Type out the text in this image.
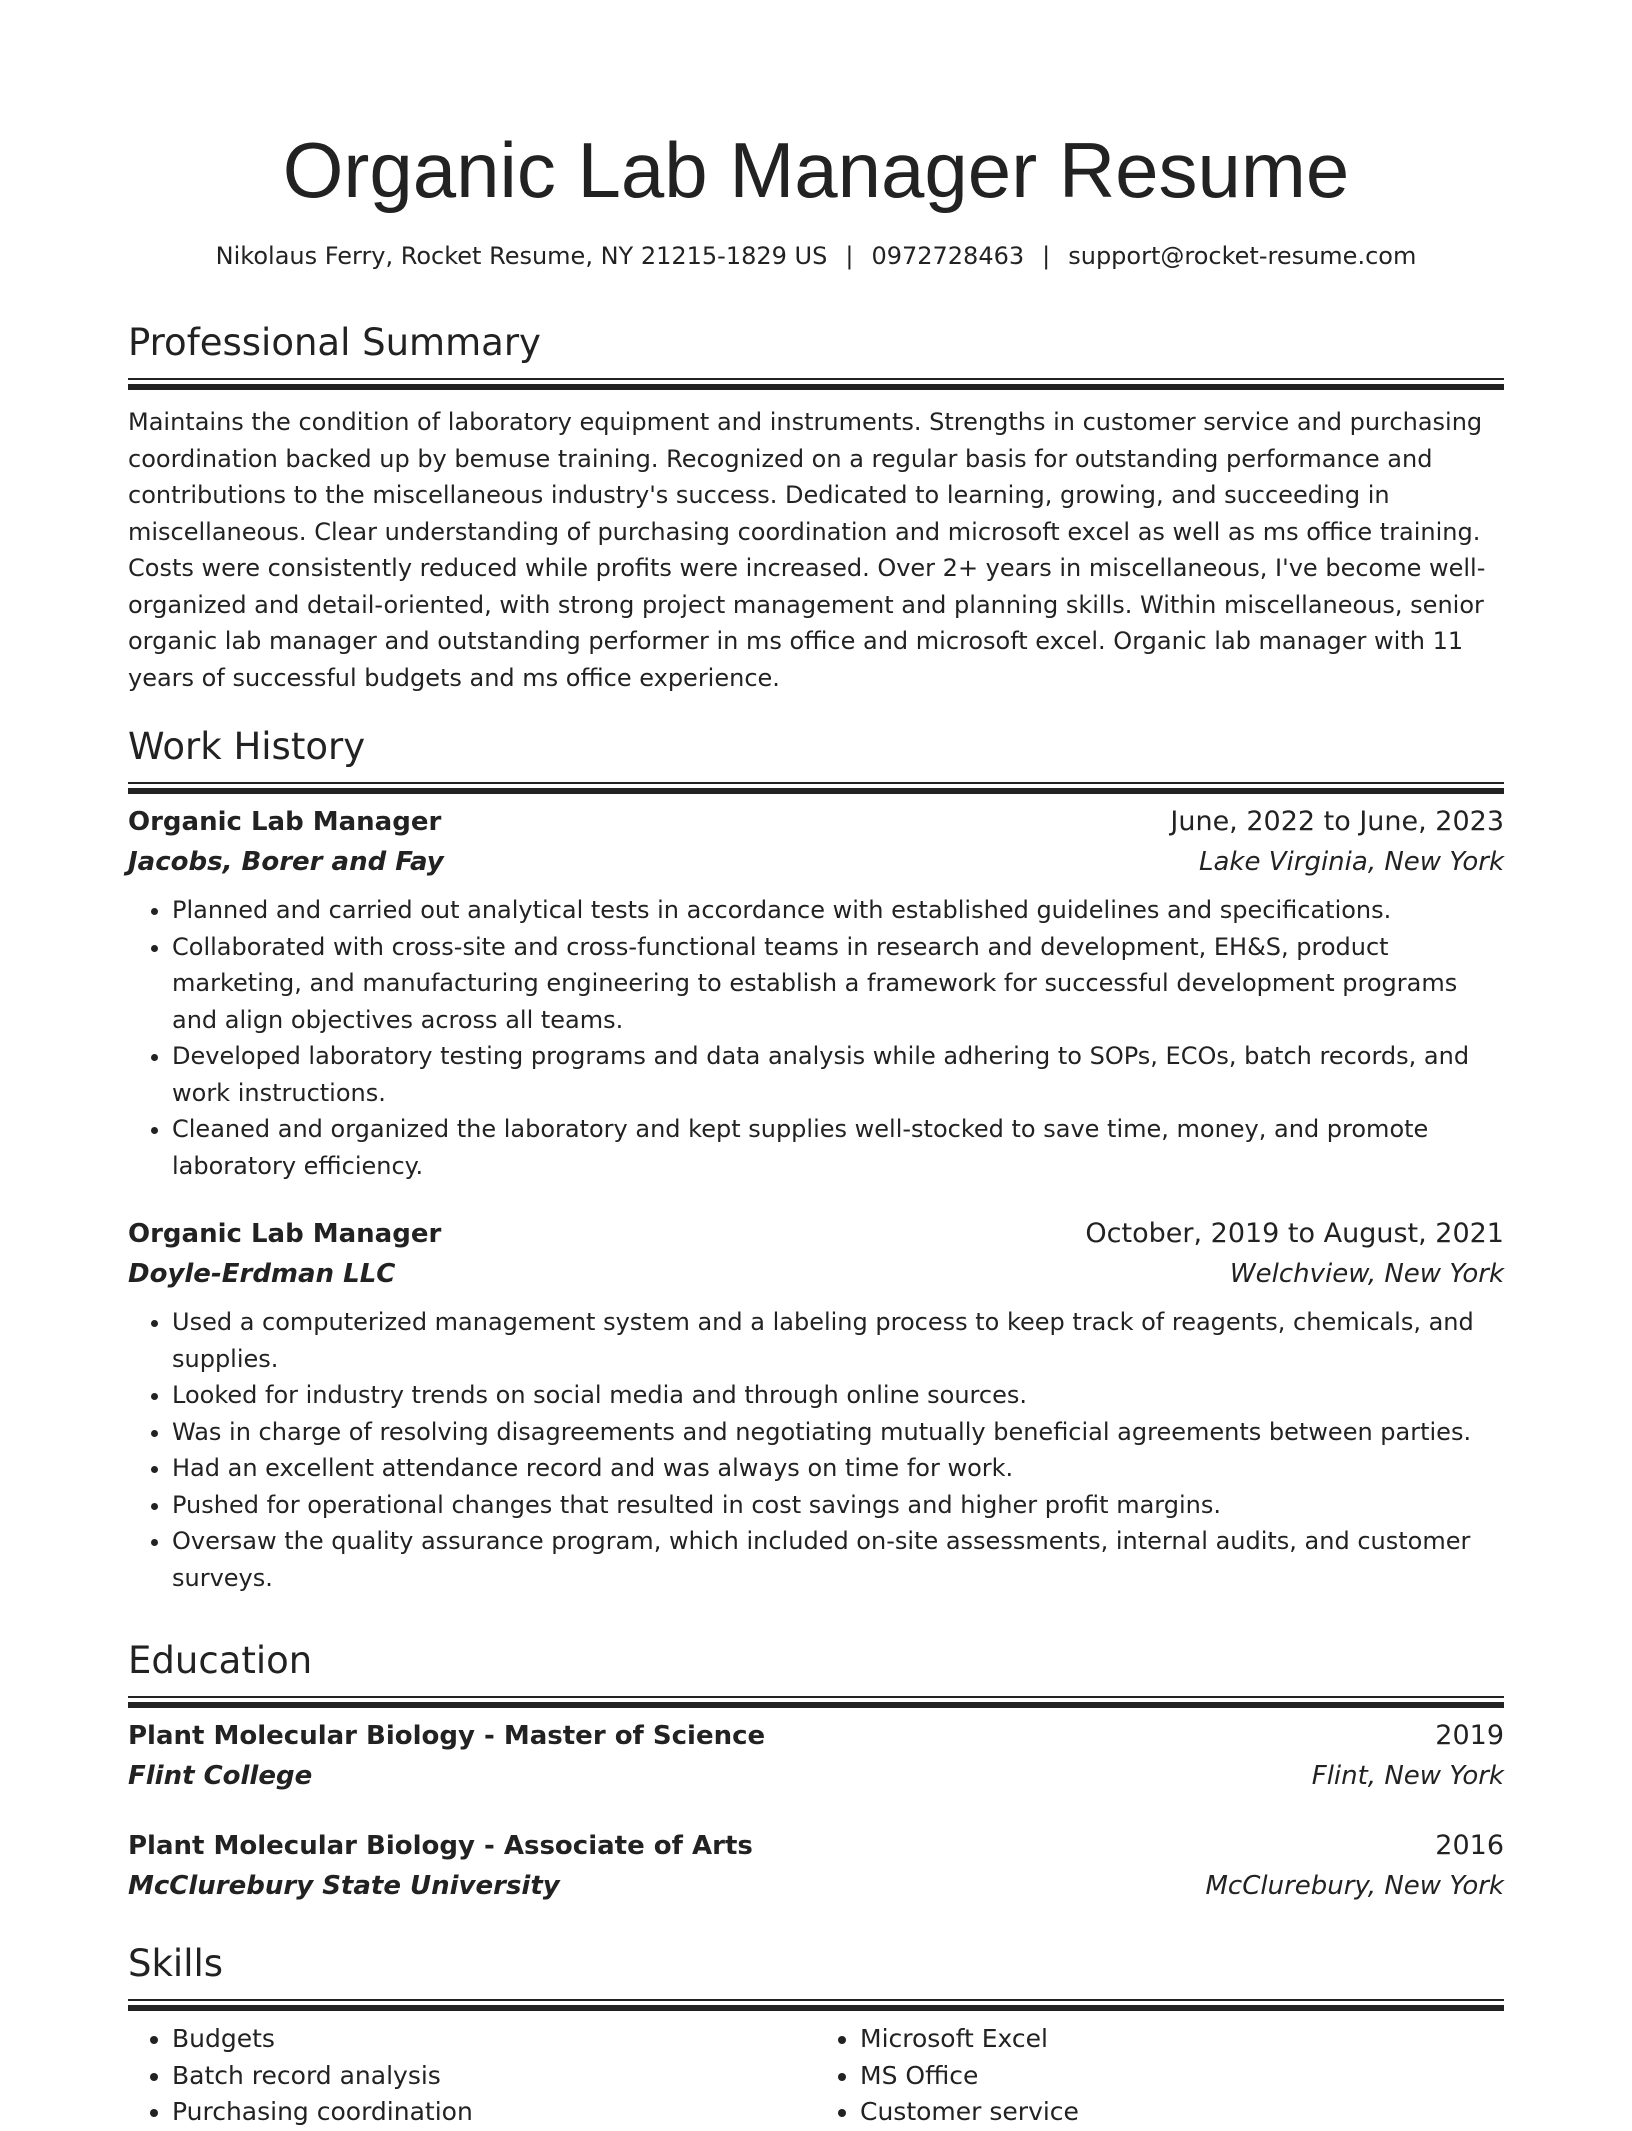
Organic Lab Manager Resume
Nikolaus Ferry, Rocket Resume, NY 21215-1829 US | 0972728463 | support@rocket-resume.com
Professional Summary

Maintains the condition of laboratory equipment and instruments. Strengths in customer service and purchasing coordination backed up by bemuse training. Recognized on a regular basis for outstanding performance and contributions to the miscellaneous industry's success. Dedicated to learning, growing, and succeeding in miscellaneous. Clear understanding of purchasing coordination and microsoft excel as well as ms office training. Costs were consistently reduced while profits were increased. Over 2+ years in miscellaneous, I've become well-organized and detail-oriented, with strong project management and planning skills. Within miscellaneous, senior organic lab manager and outstanding performer in ms office and microsoft excel. Organic lab manager with 11 years of successful budgets and ms office experience.

Work History
Organic Lab Manager	June, 2022 to June, 2023
Jacobs, Borer and Fay	Lake Virginia, New York
• Planned and carried out analytical tests in accordance with established guidelines and specifications.
• Collaborated with cross-site and cross-functional teams in research and development, EH&S, product marketing, and manufacturing engineering to establish a framework for successful development programs and align objectives across all teams.
• Developed laboratory testing programs and data analysis while adhering to SOPs, ECOs, batch records, and work instructions.
• Cleaned and organized the laboratory and kept supplies well-stocked to save time, money, and promote laboratory efficiency.
Organic Lab Manager	October, 2019 to August, 2021
Doyle-Erdman LLC	Welchview, New York
• Used a computerized management system and a labeling process to keep track of reagents, chemicals, and supplies.
• Looked for industry trends on social media and through online sources.
• Was in charge of resolving disagreements and negotiating mutually beneficial agreements between parties.
• Had an excellent attendance record and was always on time for work.
• Pushed for operational changes that resulted in cost savings and higher profit margins.
• Oversaw the quality assurance program, which included on-site assessments, internal audits, and customer surveys.
Education
Plant Molecular Biology - Master of Science	2019
Flint College	Flint, New York
Plant Molecular Biology - Associate of Arts	2016
McClurebury State University	McClurebury, New York
Skills
• Budgets
• Batch record analysis
• Purchasing coordination
• Microsoft Excel
• MS Office
• Customer service
